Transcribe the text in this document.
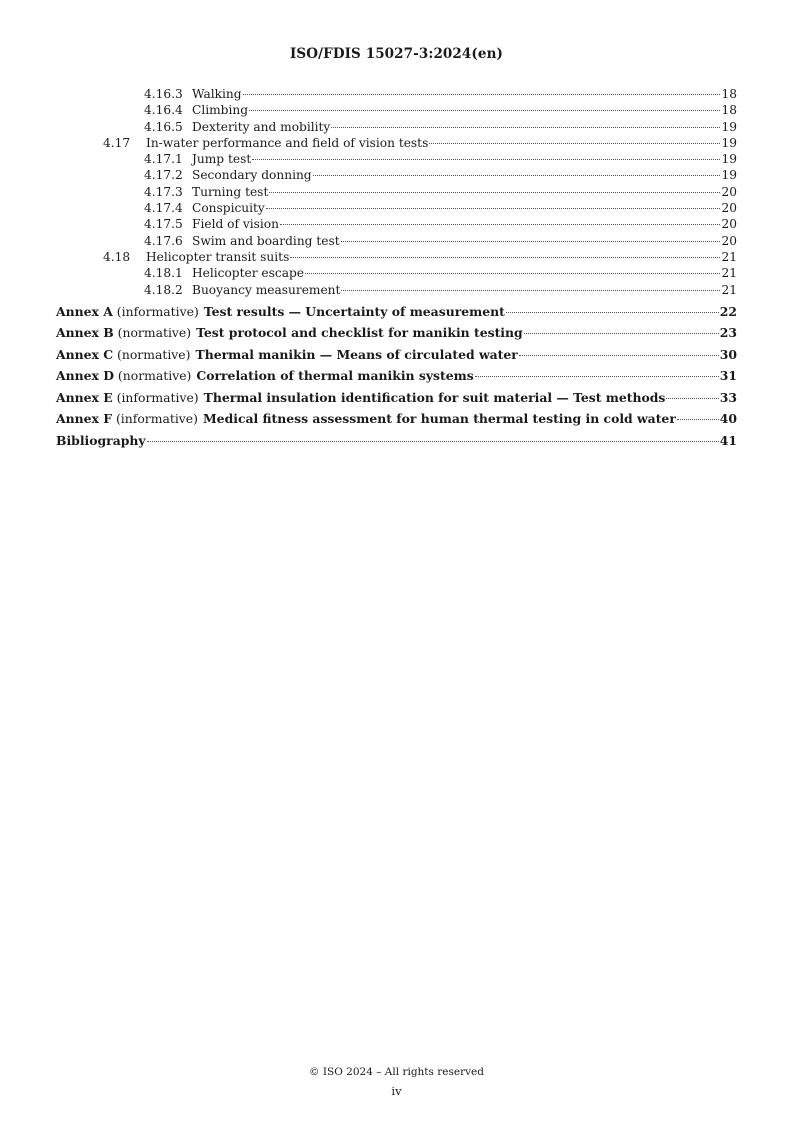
ISO/FDIS 15027-3:2024(en)
4.16.3 Walking	18
4.16.4 Climbing	18
4.16.5 Dexterity and mobility	19
4.17 In-water performance and field of vision tests	19
4.17.1 Jump test	19
4.17.2 Secondary donning	19
4.17.3 Turning test	20
4.17.4 Conspicuity	20
4.17.5 Field of vision	20
4.17.6 Swim and boarding test	20
4.18 Helicopter transit suits	21
4.18.1 Helicopter escape	21
4.18.2 Buoyancy measurement	21
Annex A (informative) Test results — Uncertainty of measurement	22
Annex B (normative) Test protocol and checklist for manikin testing	23
Annex C (normative) Thermal manikin — Means of circulated water	30
Annex D (normative) Correlation of thermal manikin systems	31
Annex E (informative) Thermal insulation identification for suit material — Test methods	33
Annex F (informative) Medical fitness assessment for human thermal testing in cold water	40
Bibliography	41
© ISO 2024 – All rights reserved
iv
